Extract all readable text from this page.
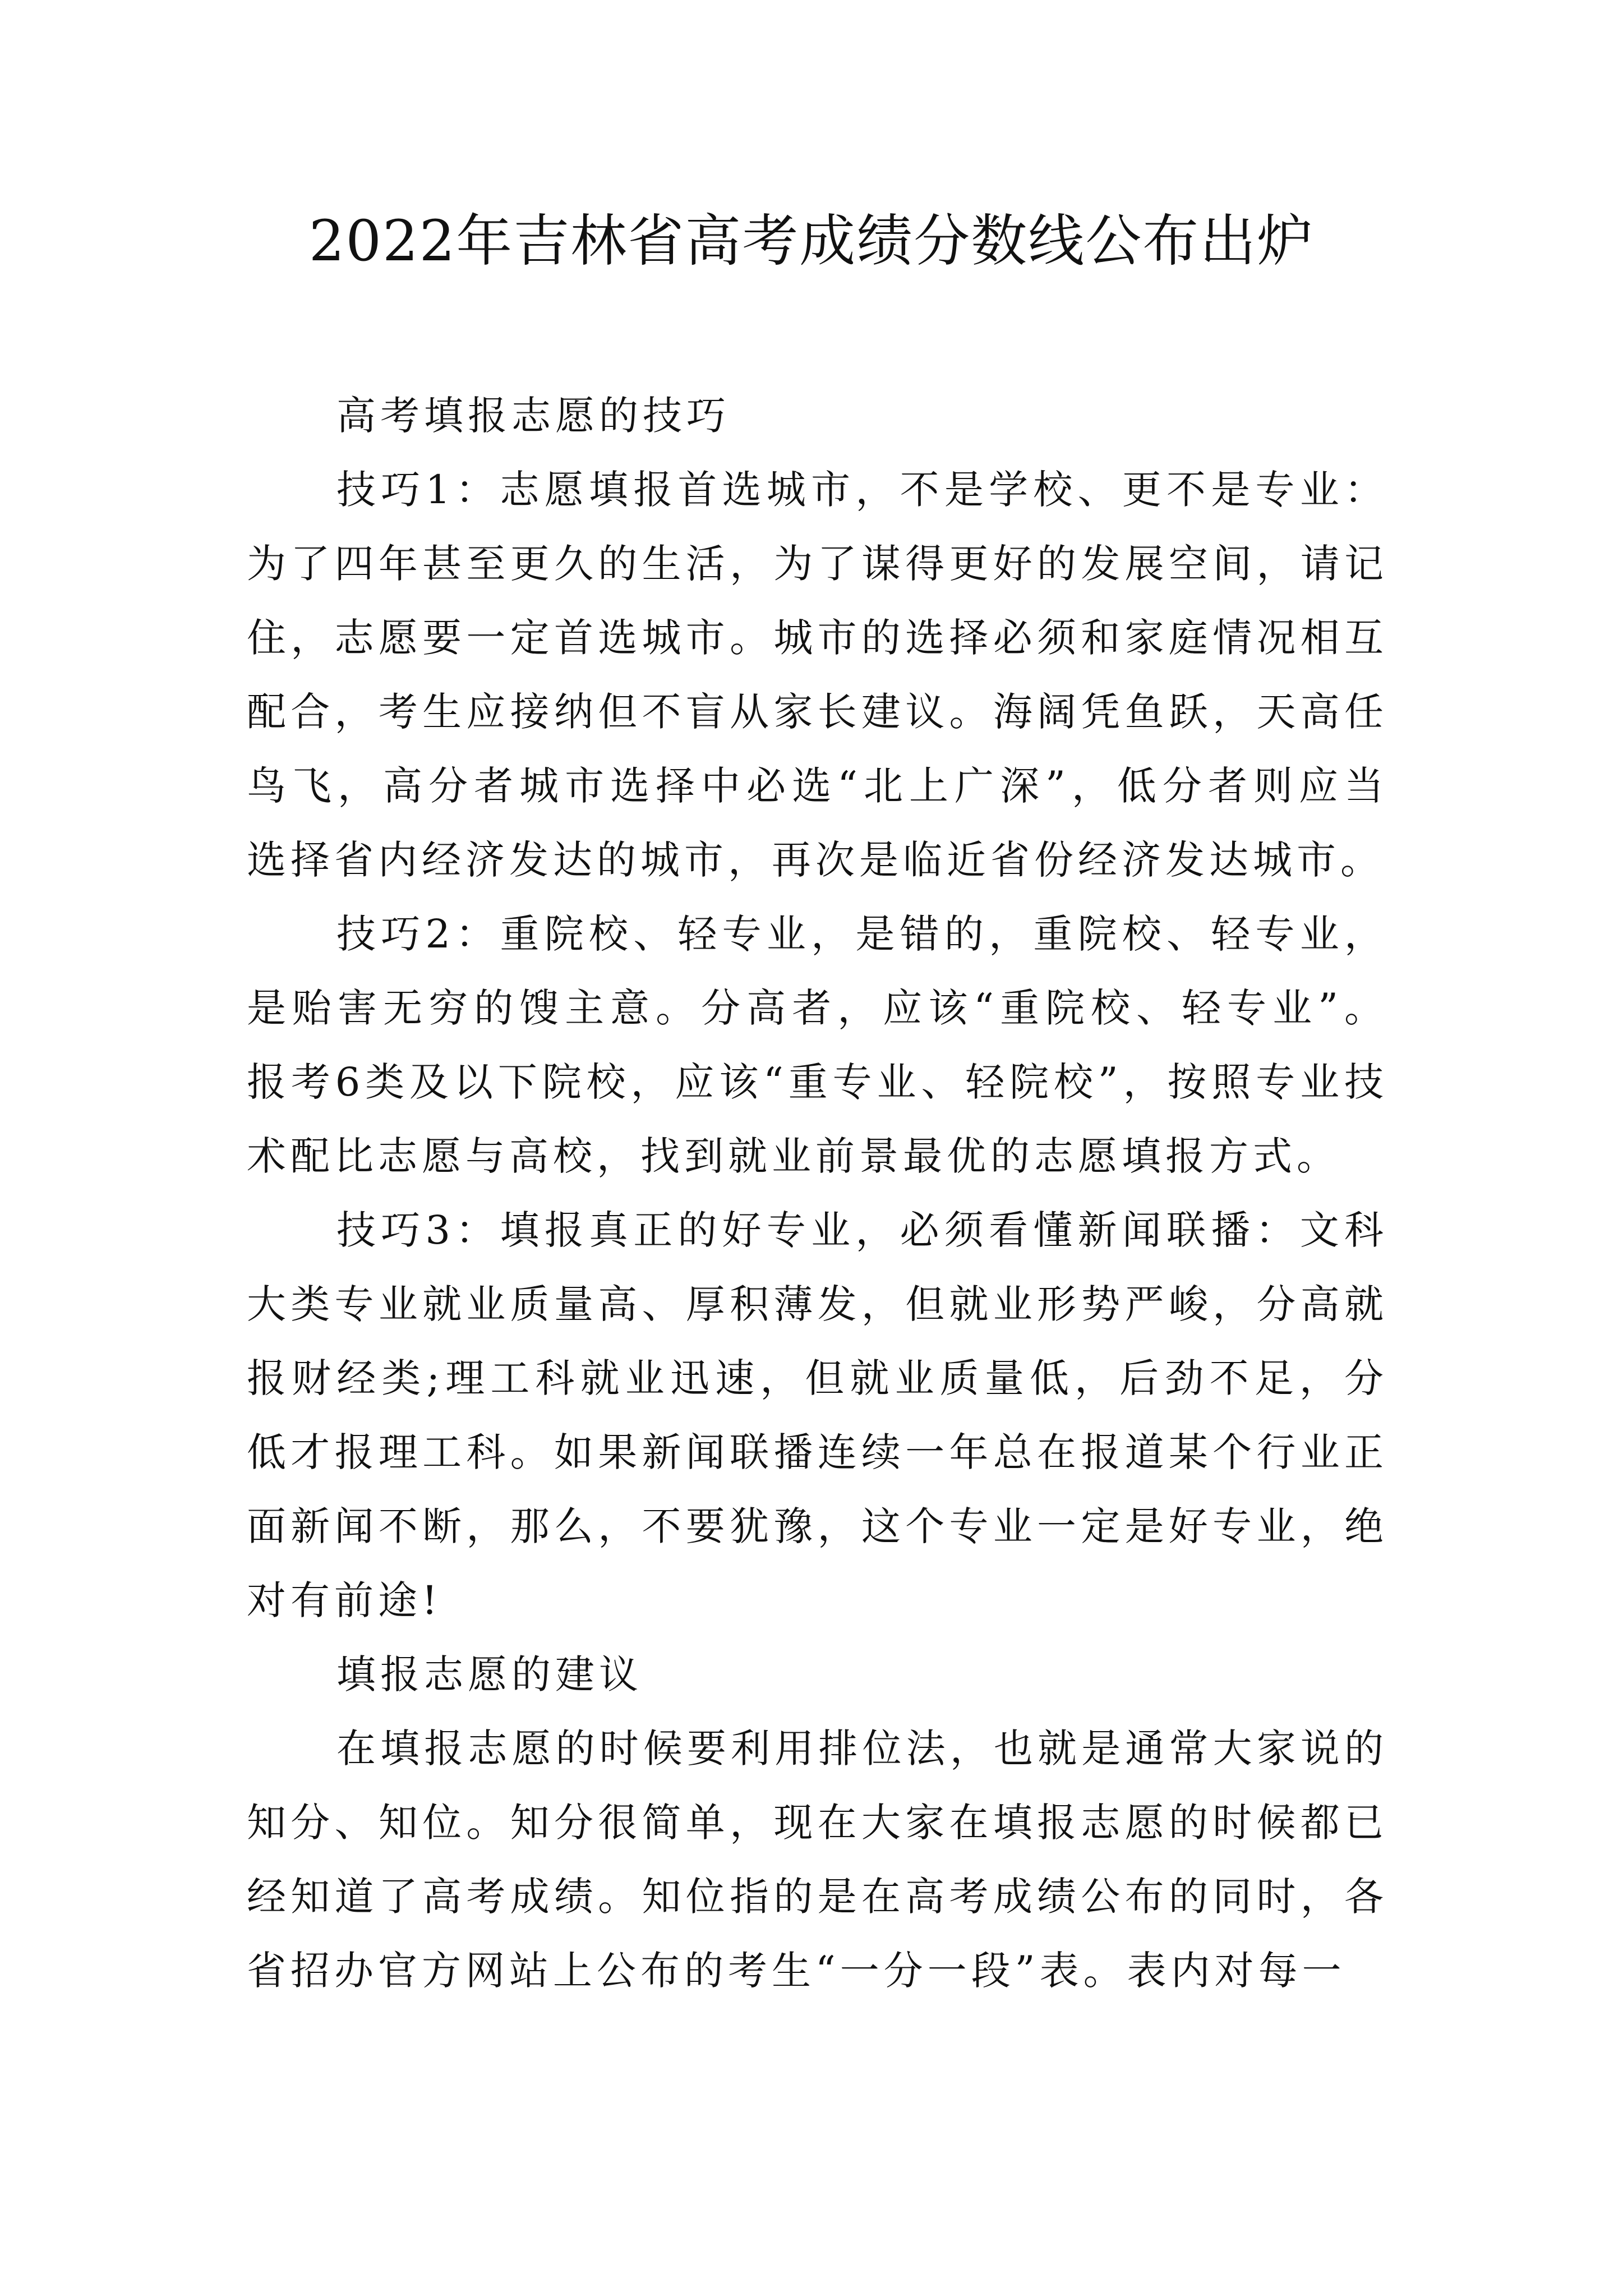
2022年吉林省高考成绩分数线公布出炉

高考填报志愿的技巧

技巧1：志愿填报首选城市，不是学校、更不是专业：为了四年甚至更久的生活，为了谋得更好的发展空间，请记住，志愿要一定首选城市。城市的选择必须和家庭情况相互配合，考生应接纳但不盲从家长建议。海阔凭鱼跃，天高任鸟飞，高分者城市选择中必选“北上广深”，低分者则应当选择省内经济发达的城市，再次是临近省份经济发达城市。

技巧2：重院校、轻专业，是错的，重院校、轻专业，是贻害无穷的馊主意。分高者，应该“重院校、轻专业”。报考6类及以下院校，应该“重专业、轻院校”，按照专业技术配比志愿与高校，找到就业前景最优的志愿填报方式。

技巧3：填报真正的好专业，必须看懂新闻联播：文科大类专业就业质量高、厚积薄发，但就业形势严峻，分高就报财经类;理工科就业迅速，但就业质量低，后劲不足，分低才报理工科。如果新闻联播连续一年总在报道某个行业正面新闻不断，那么，不要犹豫，这个专业一定是好专业，绝对有前途!

填报志愿的建议

在填报志愿的时候要利用排位法，也就是通常大家说的知分、知位。知分很简单，现在大家在填报志愿的时候都已经知道了高考成绩。知位指的是在高考成绩公布的同时，各省招办官方网站上公布的考生“一分一段”表。表内对每一
